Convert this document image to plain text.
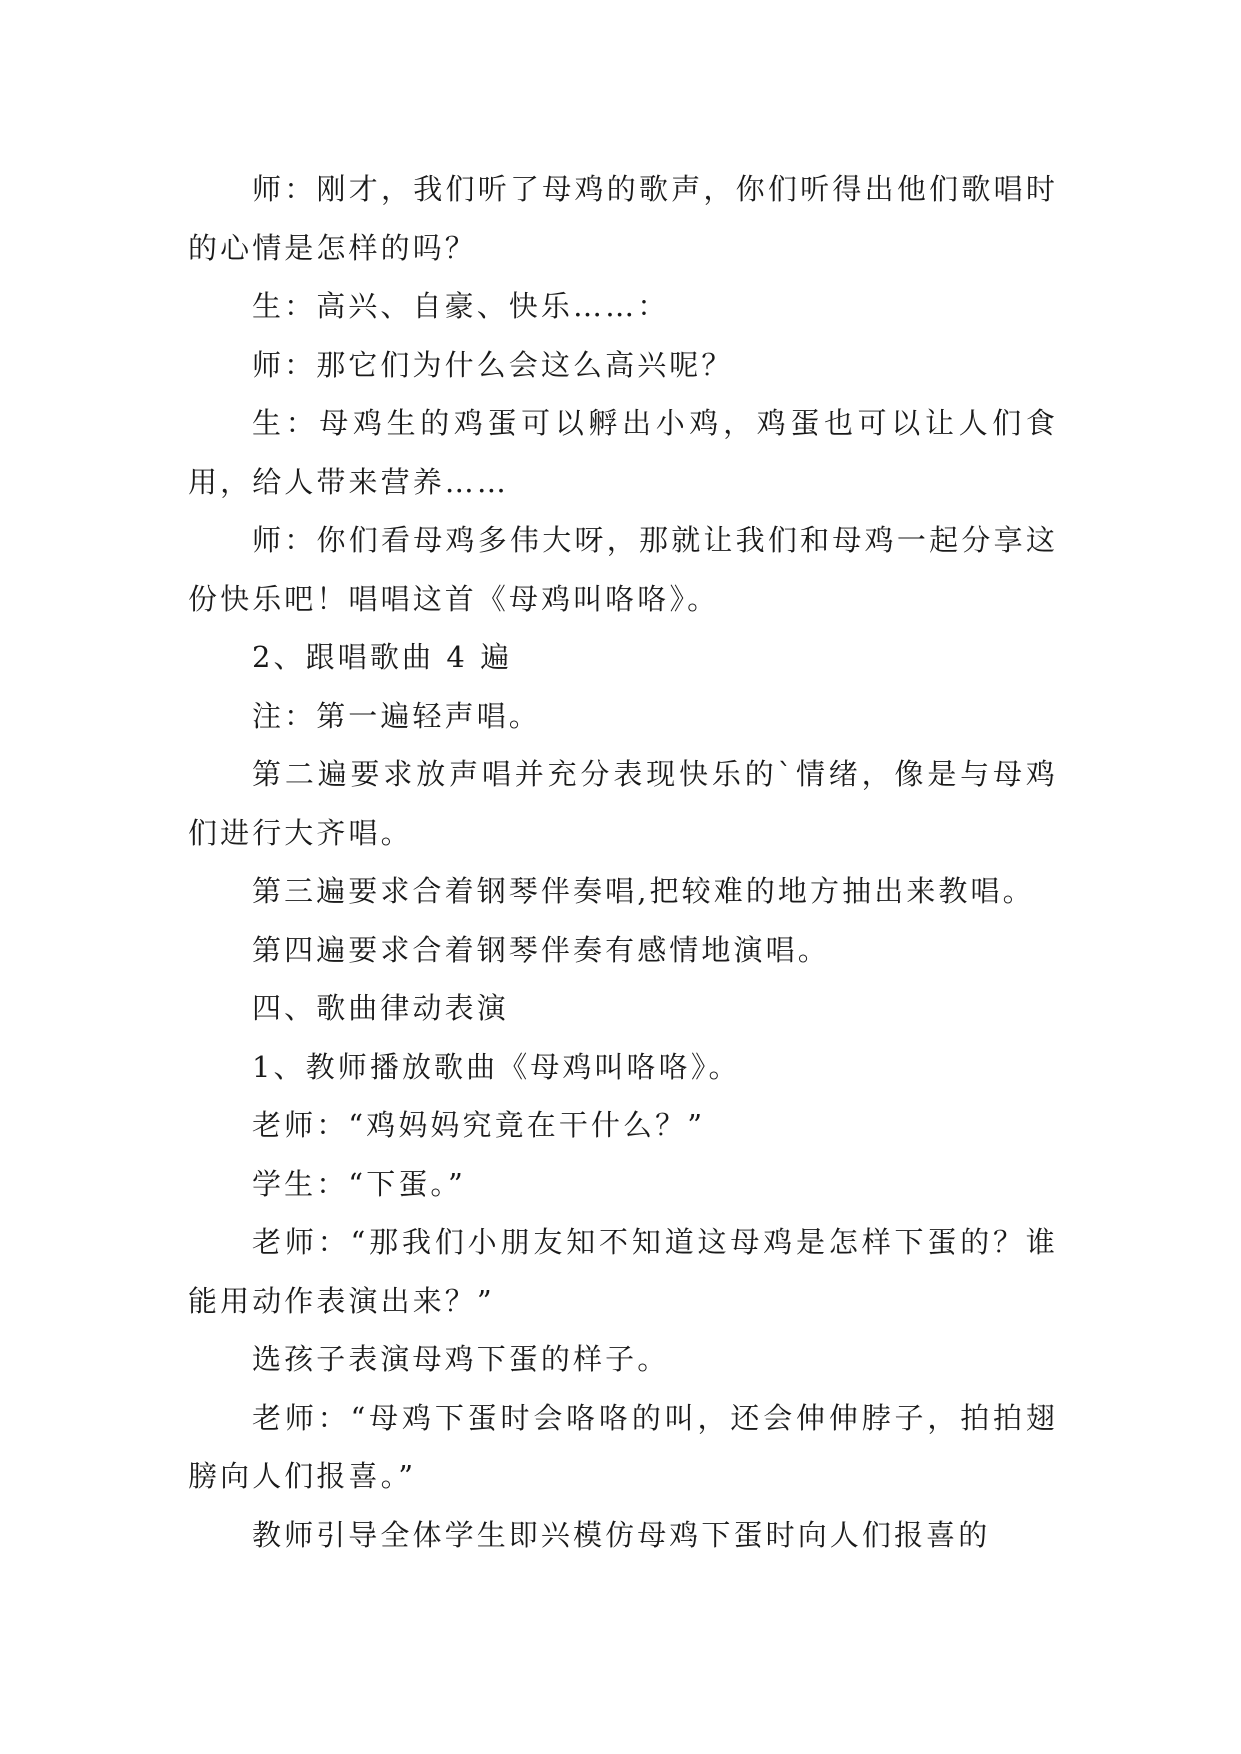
师：刚才，我们听了母鸡的歌声，你们听得出他们歌唱时的心情是怎样的吗？

生：高兴、自豪、快乐……：

师：那它们为什么会这么高兴呢？

生：母鸡生的鸡蛋可以孵出小鸡，鸡蛋也可以让人们食用，给人带来营养……

师：你们看母鸡多伟大呀，那就让我们和母鸡一起分享这份快乐吧！唱唱这首《母鸡叫咯咯》。

2、跟唱歌曲 4 遍

注：第一遍轻声唱。

第二遍要求放声唱并充分表现快乐的`情绪，像是与母鸡们进行大齐唱。

第三遍要求合着钢琴伴奏唱,把较难的地方抽出来教唱。

第四遍要求合着钢琴伴奏有感情地演唱。

四、歌曲律动表演

1、教师播放歌曲《母鸡叫咯咯》。

老师：“鸡妈妈究竟在干什么？”

学生：“下蛋。”

老师：“那我们小朋友知不知道这母鸡是怎样下蛋的？谁能用动作表演出来？”

选孩子表演母鸡下蛋的样子。

老师：“母鸡下蛋时会咯咯的叫，还会伸伸脖子，拍拍翅膀向人们报喜。”

教师引导全体学生即兴模仿母鸡下蛋时向人们报喜的
